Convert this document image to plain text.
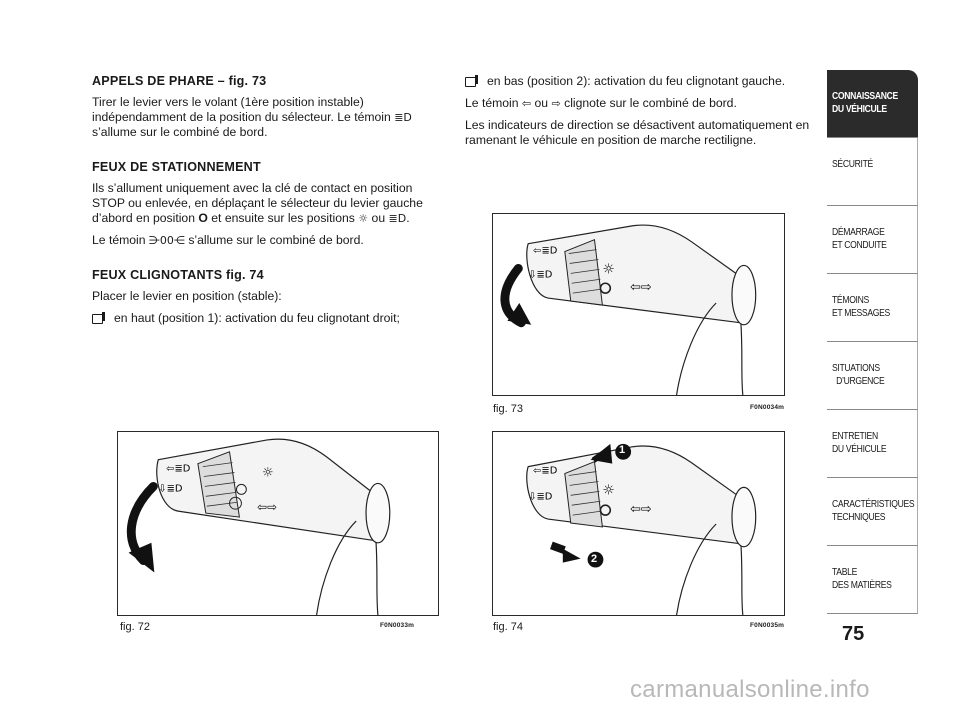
APPELS DE PHARE – fig. 73

Tirer le levier vers le volant (1ère position instable) indépendamment de la position du sélecteur. Le témoin ≣D s’allume sur le combiné de bord.

FEUX DE STATIONNEMENT

Ils s’allument uniquement avec la clé de contact en position STOP ou enlevée, en déplaçant le sélecteur du levier gauche d’abord en position O et ensuite sur les positions ☼ ou ≣D.

Le témoin ⋺00⋲ s’allume sur le combiné de bord.

FEUX CLIGNOTANTS fig. 74

Placer le levier en position (stable):

en haut (position 1): activation du feu clignotant droit;

en bas (position 2): activation du feu clignotant gauche.

Le témoin ⇦ ou ⇨ clignote sur le combiné de bord.

Les indicateurs de direction se désactivent automatiquement en ramenant le véhicule en position de marche rectiligne.

☼
⇦≣D
⇩≣D
⇦⇨
fig. 72	F0N0033m
☼
⇦≣D
⇩≣D
⇦⇨
fig. 73	F0N0034m
☼
⇦≣D
⇩≣D
⇦⇨
1
2
fig. 74	F0N0035m
CONNAISSANCE
DU VÉHICULE
SÉCURITÉ
DÉMARRAGE
ET CONDUITE
TÉMOINS
ET MESSAGES
SITUATIONS
D’URGENCE
ENTRETIEN
DU VÉHICULE
CARACTÉRISTIQUES
TECHNIQUES
TABLE
DES MATIÈRES
75
carmanualsonline.info
